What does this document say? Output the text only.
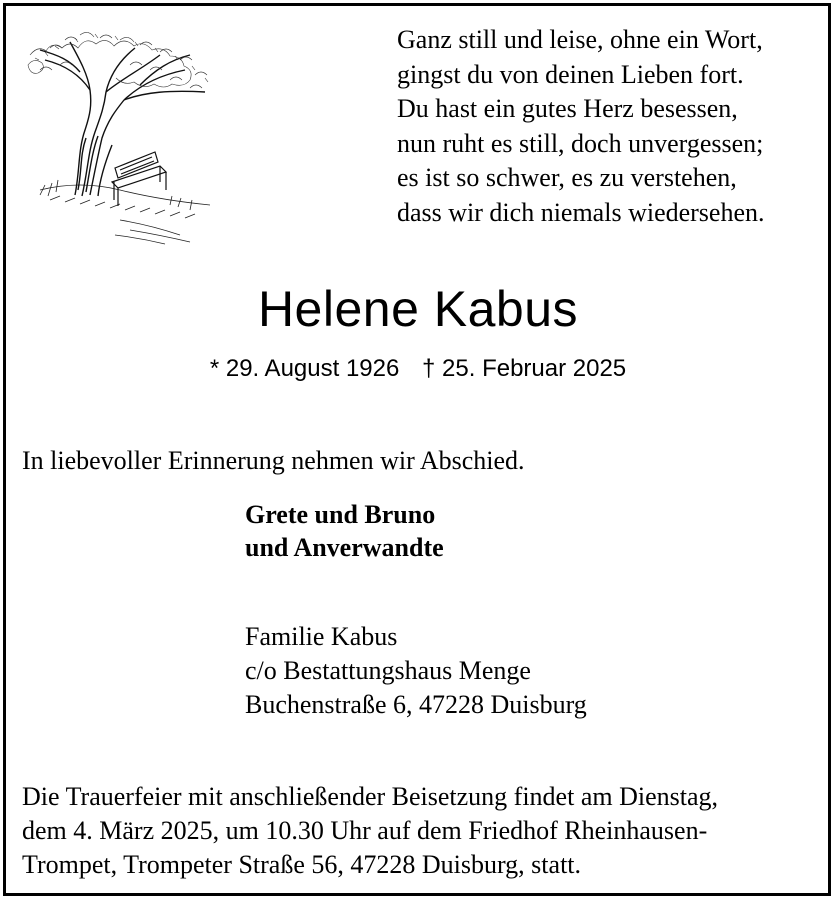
Ganz still und leise, ohne ein Wort,
gingst du von deinen Lieben fort.
Du hast ein gutes Herz besessen,
nun ruht es still, doch unvergessen;
es ist so schwer, es zu verstehen,
dass wir dich niemals wiedersehen.
Helene Kabus
* 29. August 1926 † 25. Februar 2025
In liebevoller Erinnerung nehmen wir Abschied.
Grete und Bruno
und Anverwandte
Familie Kabus
c/o Bestattungshaus Menge
Buchenstraße 6, 47228 Duisburg
Die Trauerfeier mit anschließender Beisetzung findet am Dienstag,
dem 4. März 2025, um 10.30 Uhr auf dem Friedhof Rheinhausen-
Trompet, Trompeter Straße 56, 47228 Duisburg, statt.
